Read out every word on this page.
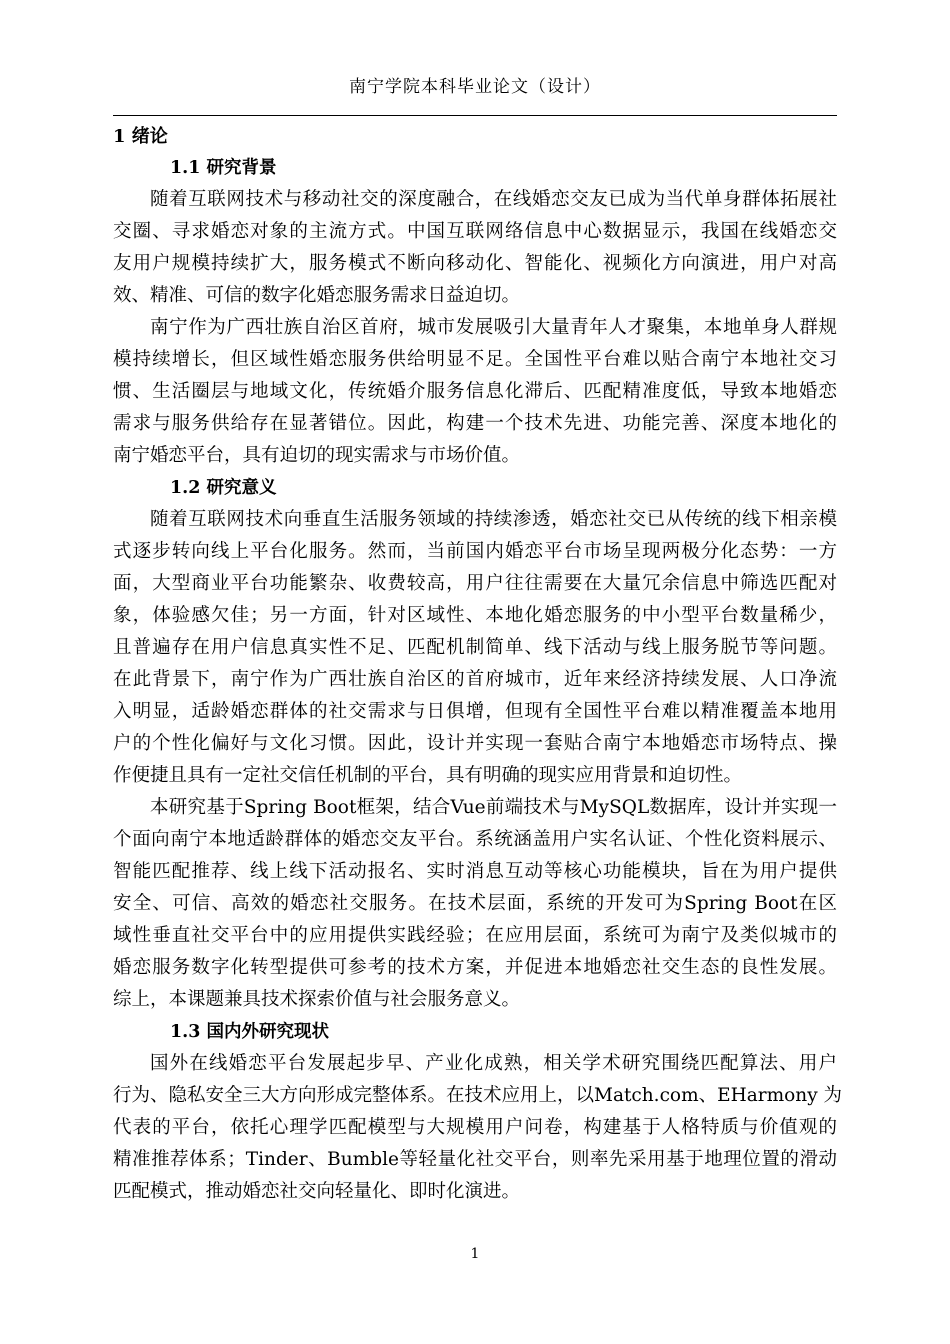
南宁学院本科毕业论文（设计）
1 绪论
1.1 研究背景

随着互联网技术与移动社交的深度融合，在线婚恋交友已成为当代单身群体拓展社
交圈、寻求婚恋对象的主流方式。中国互联网络信息中心数据显示，我国在线婚恋交
友用户规模持续扩大，服务模式不断向移动化、智能化、视频化方向演进，用户对高
效、精准、可信的数字化婚恋服务需求日益迫切。

南宁作为广西壮族自治区首府，城市发展吸引大量青年人才聚集，本地单身人群规
模持续增长，但区域性婚恋服务供给明显不足。全国性平台难以贴合南宁本地社交习
惯、生活圈层与地域文化，传统婚介服务信息化滞后、匹配精准度低，导致本地婚恋
需求与服务供给存在显著错位。因此，构建一个技术先进、功能完善、深度本地化的
南宁婚恋平台，具有迫切的现实需求与市场价值。

1.2 研究意义

随着互联网技术向垂直生活服务领域的持续渗透，婚恋社交已从传统的线下相亲模
式逐步转向线上平台化服务。然而，当前国内婚恋平台市场呈现两极分化态势：一方
面，大型商业平台功能繁杂、收费较高，用户往往需要在大量冗余信息中筛选匹配对
象，体验感欠佳；另一方面，针对区域性、本地化婚恋服务的中小型平台数量稀少，
且普遍存在用户信息真实性不足、匹配机制简单、线下活动与线上服务脱节等问题。
在此背景下，南宁作为广西壮族自治区的首府城市，近年来经济持续发展、人口净流
入明显，适龄婚恋群体的社交需求与日俱增，但现有全国性平台难以精准覆盖本地用
户的个性化偏好与文化习惯。因此，设计并实现一套贴合南宁本地婚恋市场特点、操
作便捷且具有一定社交信任机制的平台，具有明确的现实应用背景和迫切性。

本研究基于Spring Boot框架，结合Vue前端技术与MySQL数据库，设计并实现一
个面向南宁本地适龄群体的婚恋交友平台。系统涵盖用户实名认证、个性化资料展示、
智能匹配推荐、线上线下活动报名、实时消息互动等核心功能模块，旨在为用户提供
安全、可信、高效的婚恋社交服务。在技术层面，系统的开发可为Spring Boot在区
域性垂直社交平台中的应用提供实践经验；在应用层面，系统可为南宁及类似城市的
婚恋服务数字化转型提供可参考的技术方案，并促进本地婚恋社交生态的良性发展。
综上，本课题兼具技术探索价值与社会服务意义。

1.3 国内外研究现状

国外在线婚恋平台发展起步早、产业化成熟，相关学术研究围绕匹配算法、用户
行为、隐私安全三大方向形成完整体系。在技术应用上，以Match.com、EHarmony 为
代表的平台，依托心理学匹配模型与大规模用户问卷，构建基于人格特质与价值观的
精准推荐体系；Tinder、Bumble等轻量化社交平台，则率先采用基于地理位置的滑动
匹配模式，推动婚恋社交向轻量化、即时化演进。

1
